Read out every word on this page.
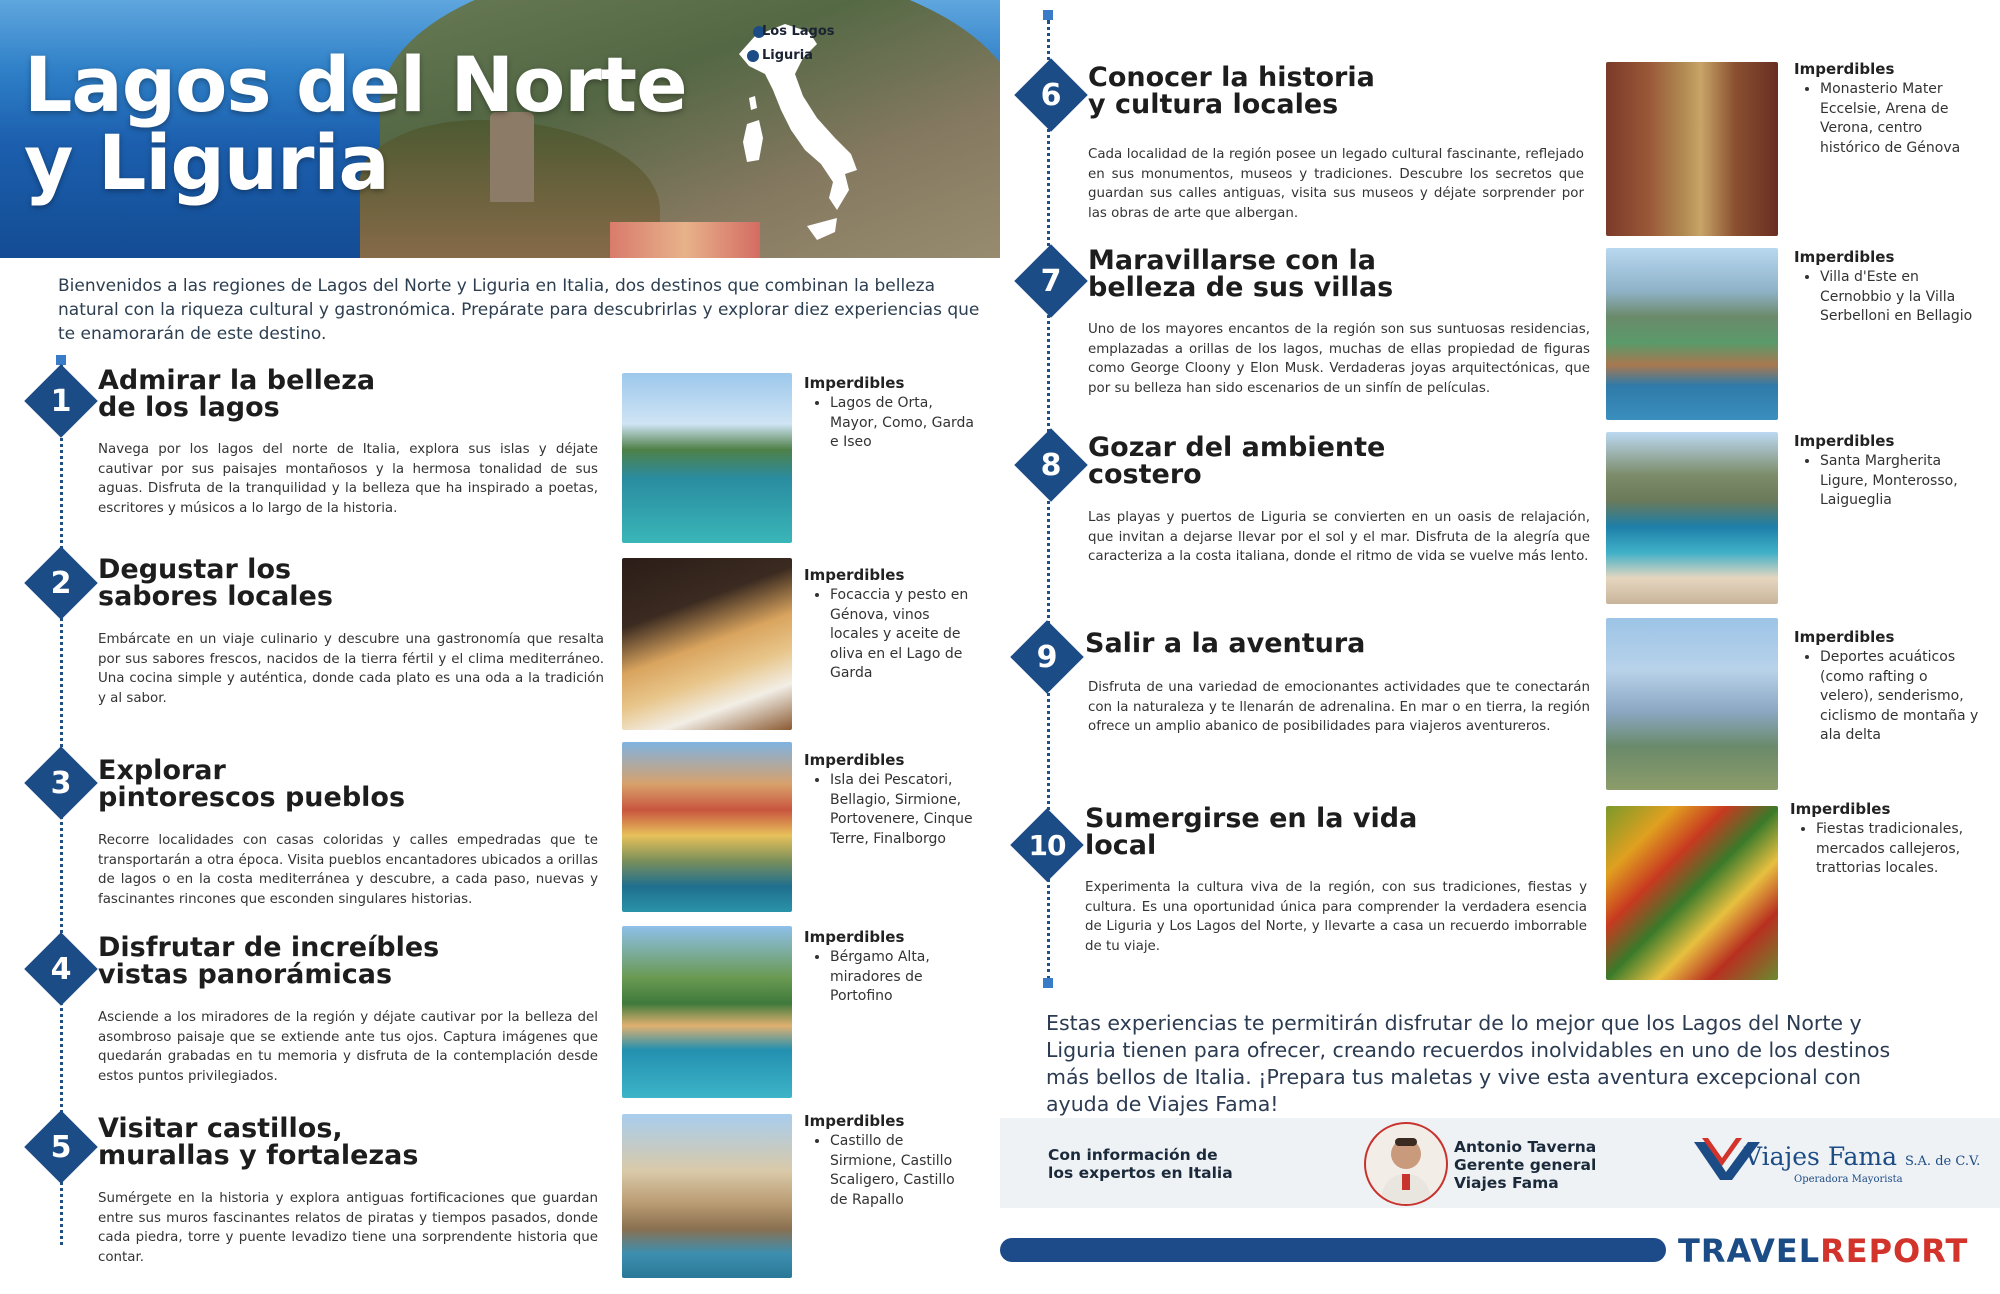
Lagos del Norte
y Liguria
Los Lagos
Liguria
Bienvenidos a las regiones de Lagos del Norte y Liguria en Italia, dos destinos que combinan la belleza natural con la riqueza cultural y gastronómica. Prepárate para descubrirlas y explorar diez experiencias que te enamorarán de este destino.
1
Admirar la belleza
de los lagos
Navega por los lagos del norte de Italia, explora sus islas y déjate cautivar por sus paisajes montañosos y la hermosa tonalidad de sus aguas. Disfruta de la tranquilidad y la belleza que ha inspirado a poetas, escritores y músicos a lo largo de la historia.
Imperdibles
• Lagos de Orta, Mayor, Como, Garda e Iseo
2 Degustar los
sabores locales
Embárcate en un viaje culinario y descubre una gastronomía que resalta por sus sabores frescos, nacidos de la tierra fértil y el clima mediterráneo. Una cocina simple y auténtica, donde cada plato es una oda a la tradición y al sabor.
Imperdibles
• Focaccia y pesto en Génova, vinos locales y aceite de oliva en el Lago de Garda
3 Explorar
pintorescos pueblos
Recorre localidades con casas coloridas y calles empedradas que te transportarán a otra época. Visita pueblos encantadores ubicados a orillas de lagos o en la costa mediterránea y descubre, a cada paso, nuevas y fascinantes rincones que esconden singulares historias.
Imperdibles
• Isla dei Pescatori, Bellagio, Sirmione, Portovenere, Cinque Terre, Finalborgo
4
Disfrutar de increíbles
vistas panorámicas
Asciende a los miradores de la región y déjate cautivar por la belleza del asombroso paisaje que se extiende ante tus ojos. Captura imágenes que quedarán grabadas en tu memoria y disfruta de la contemplación desde estos puntos privilegiados.
Imperdibles
• Bérgamo Alta, miradores de Portofino
5
Visitar castillos,
murallas y fortalezas
Sumérgete en la historia y explora antiguas fortificaciones que guardan entre sus muros fascinantes relatos de piratas y tiempos pasados, donde cada piedra, torre y puente levadizo tiene una sorprendente historia que contar.
Imperdibles
• Castillo de Sirmione, Castillo Scaligero, Castillo de Rapallo
6 Conocer la historia
y cultura locales
Cada localidad de la región posee un legado cultural fascinante, reflejado en sus monumentos, museos y tradiciones. Descubre los secretos que guardan sus calles antiguas, visita sus museos y déjate sorprender por las obras de arte que albergan.
Imperdibles
• Monasterio Mater Eccelsie, Arena de Verona, centro histórico de Génova
7
Maravillarse con la
belleza de sus villas
Uno de los mayores encantos de la región son sus suntuosas residencias, emplazadas a orillas de los lagos, muchas de ellas propiedad de figuras como George Cloony y Elon Musk. Verdaderas joyas arquitectónicas, que por su belleza han sido escenarios de un sinfín de películas.
Imperdibles
• Villa d'Este en Cernobbio y la Villa Serbelloni en Bellagio
8 Gozar del ambiente
costero
Las playas y puertos de Liguria se convierten en un oasis de relajación, que invitan a dejarse llevar por el sol y el mar. Disfruta de la alegría que caracteriza a la costa italiana, donde el ritmo de vida se vuelve más lento.
Imperdibles
• Santa Margherita Ligure, Monterosso, Laigueglia
9	Salir a la aventura
Disfruta de una variedad de emocionantes actividades que te conectarán con la naturaleza y te llenarán de adrenalina. En mar o en tierra, la región ofrece un amplio abanico de posibilidades para viajeros aventureros.
Imperdibles
• Deportes acuáticos (como rafting o velero), senderismo, ciclismo de montaña y ala delta
10
Sumergirse en la vida
local
Experimenta la cultura viva de la región, con sus tradiciones, fiestas y cultura. Es una oportunidad única para comprender la verdadera esencia de Liguria y Los Lagos del Norte, y llevarte a casa un recuerdo imborrable de tu viaje.
Imperdibles
• Fiestas tradicionales, mercados callejeros, trattorias locales.
Estas experiencias te permitirán disfrutar de lo mejor que los Lagos del Norte y Liguria tienen para ofrecer, creando recuerdos inolvidables en uno de los destinos más bellos de Italia. ¡Prepara tus maletas y vive esta aventura excepcional con ayuda de Viajes Fama!
Con información de
los expertos en Italia
Antonio Taverna
Gerente general
Viajes Fama
Viajes Fama S.A. de C.V.
Operadora Mayorista
TRAVELREPORT
